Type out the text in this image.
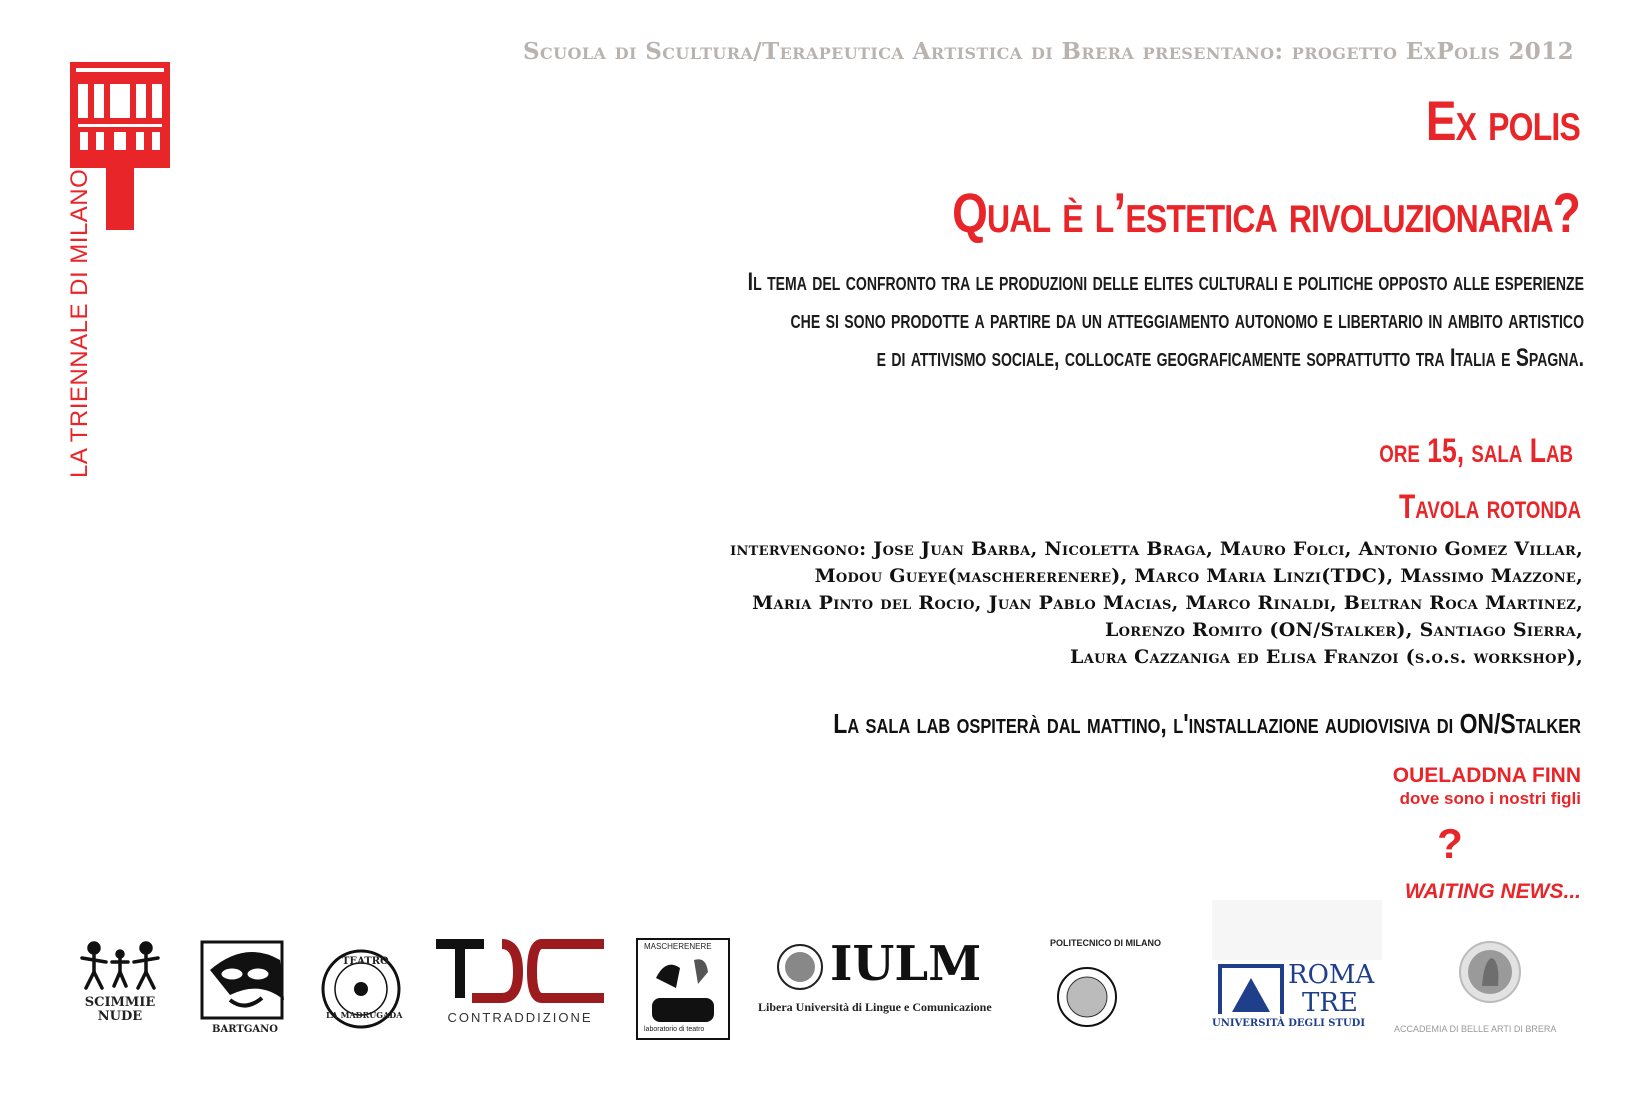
LA TRIENNALE DI MILANO
Scuola di Scultura/Terapeutica Artistica di Brera presentano: progetto ExPolis 2012
Ex polis
Qual è l’estetica rivoluzionaria?
Il tema del confronto tra le produzioni delle elites culturali e politiche opposto alle esperienze
che si sono prodotte a partire da un atteggiamento autonomo e libertario in ambito artistico
e di attivismo sociale, collocate geograficamente soprattutto tra Italia e Spagna.
ore 15, sala Lab
Tavola rotonda
intervengono: Jose Juan Barba, Nicoletta Braga, Mauro Folci, Antonio Gomez Villar,
Modou Gueye(maschererenere), Marco Maria Linzi(TDC), Massimo Mazzone,
Maria Pinto del Rocio, Juan Pablo Macias, Marco Rinaldi, Beltran Roca Martinez,
Lorenzo Romito (ON/Stalker), Santiago Sierra,
Laura Cazzaniga ed Elisa Franzoi (s.o.s. workshop),
La sala lab ospiterà dal mattino, l'installazione audiovisiva di ON/Stalker
OUELADDNA FINN
dove sono i nostri figli
?
WAITING NEWS...
SCIMMIE
NUDE
BARTGANO
TEATRO
LA MADRUGADA	CONTRADDIZIONE
MASCHERENERE
laboratorio di teatro
IULM
Libera Università di Lingue e Comunicazione
POLITECNICO DI MILANO
ROMA
TRE
UNIVERSITÀ DEGLI STUDI	ACCADEMIA DI BELLE ARTI DI BRERA
